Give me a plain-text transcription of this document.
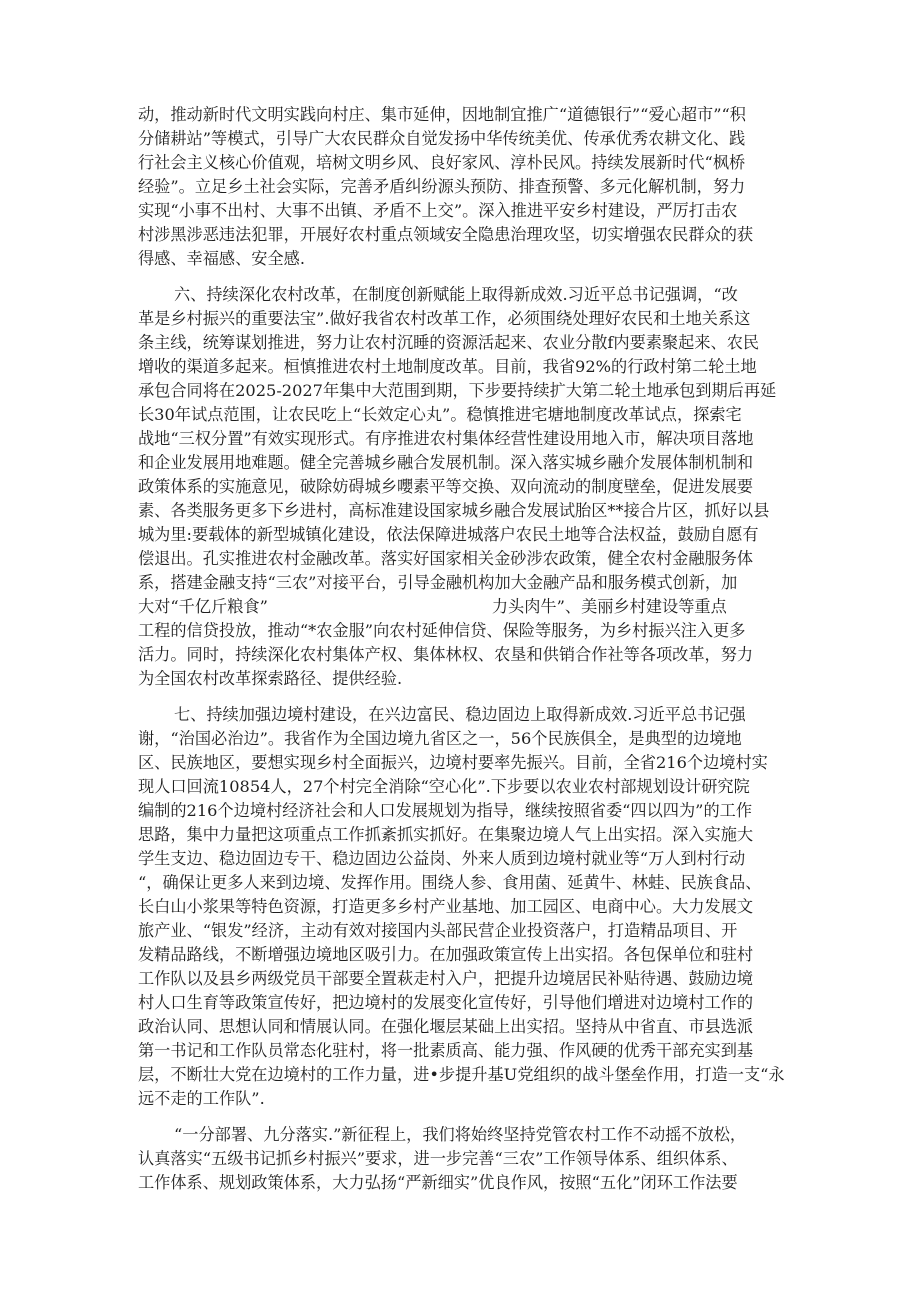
动，推动新时代文明实践向村庄、集市延伸，因地制宜推广“道德银行”“爱心超市”“积
分储耕站”等模式，引导广大农民群众自觉发扬中华传统美优、传承优秀农耕文化、践
行社会主义核心价值观，培树文明乡风、良好家风、淳朴民风。持续发展新时代“枫桥
经验”。立足乡土社会实际，完善矛盾纠纷源头预防、排查预警、多元化解机制，努力
实现“小事不出村、大事不出镇、矛盾不上交”。深入推进平安乡村建设，严厉打击农
村涉黑涉恶违法犯罪，开展好农村重点领域安全隐患治理攻坚，切实增强农民群众的获
得感、幸福感、安全感.
六、持续深化农村改革，在制度创新赋能上取得新成效.习近平总书记强调，“改
革是乡村振兴的重要法宝”.做好我省农村改革工作，必须围绕处理好农民和土地关系这
条主线，统筹谋划推进，努力让农村沉睡的资源活起来、农业分散f内要素聚起来、农民
增收的渠道多起来。桓慎推进农村土地制度改革。目前，我省92%的行政村第二轮土地
承包合同将在2025-2027年集中大范围到期，下步要持续扩大第二轮土地承包到期后再延
长30年试点范围，让农民吃上“长效定心丸”。稳慎推进宅塘地制度改革试点，探索宅
战地“三权分置”有效实现形式。有序推进农村集体经营性建设用地入市，解决项目落地
和企业发展用地难题。健全完善城乡融合发展机制。深入落实城乡融介发展体制机制和
政策体系的实施意见，破除妨碍城乡嚶素平等交换、双向流动的制度壁垒，促进发展要
素、各类服务更多下乡进村，高标准建设国家城乡融合发展试胎区**接合片区，抓好以县
城为里:要载体的新型城镇化建设，依法保障进城落户农民土地等合法权益，鼓励自愿有
偿退出。孔实推进农村金融改革。落实好国家相关金砂涉农政策，健全农村金融服务体
系，搭建金融支持“三农”对接平台，引导金融机构加大金融产品和服务模式创新，加
大对“千亿斤粮食”	力头肉牛”、美丽乡村建设等重点
工程的信贷投放，推动“*农金服”向农村延伸信贷、保险等服务，为乡村振兴注入更多
活力。同时，持续深化农村集体产权、集体林权、农垦和供销合作社等各项改革，努力
为全国农村改革探索路径、提供经验.
七、持续加强边境村建设，在兴边富民、稳边固边上取得新成效.习近平总书记强
谢，“治国必治边”。我省作为全国边境九省区之一，56个民族俱全，是典型的边境地
区、民族地区，要想实现乡村全面振兴，边境村要率先振兴。目前，全省216个边境村实
现人口回流10854人，27个村完全消除“空心化”.下步要以农业农村部规划设计研究院
编制的216个边境村经济社会和人口发展规划为指导，继续按照省委“四以四为”的工作
思路，集中力量把这项重点工作抓紊抓实抓好。在集聚边境人气上出实招。深入实施大
学生支边、稳边固边专干、稳边固边公益岗、外来人质到边境村就业等“万人到村行动
“，确保让更多人来到边境、发挥作用。围绕人参、食用菌、延黄牛、林蛙、民族食品、
长白山小浆果等特色资源，打造更多乡村产业基地、加工园区、电商中心。大力发展文
旅产业、“银发”经济，主动有效对接国内头部民营企业投资落户，打造精品项目、开
发精品路线，不断增强边境地区吸引力。在加强政策宣传上出实招。各包保单位和驻村
工作队以及县乡两级党员干部要全置萩走村入户，把提升边境居民补贴待遇、鼓励边境
村人口生育等政策宣传好，把边境村的发展变化宣传好，引导他们增进对边境村工作的
政治认同、思想认同和情展认同。在强化堰层某础上出实招。坚持从中省直、市县选派
第一书记和工作队员常态化驻村，将一批素质高、能力强、作风硬的优秀干部充实到基
层，不断壮大党在边境村的工作力量，进•步提升基U党组织的战斗堡垒作用，打造一支“永
远不走的工作队”.
“一分部署、九分落实.”新征程上，我们将始终坚持党管农村工作不动摇不放松，
认真落实“五级书记抓乡村振兴”要求，进一步完善“三农”工作领导体系、组织体系、
工作体系、规划政策体系，大力弘扬“严新细实”优良作风，按照“五化”闭环工作法要
